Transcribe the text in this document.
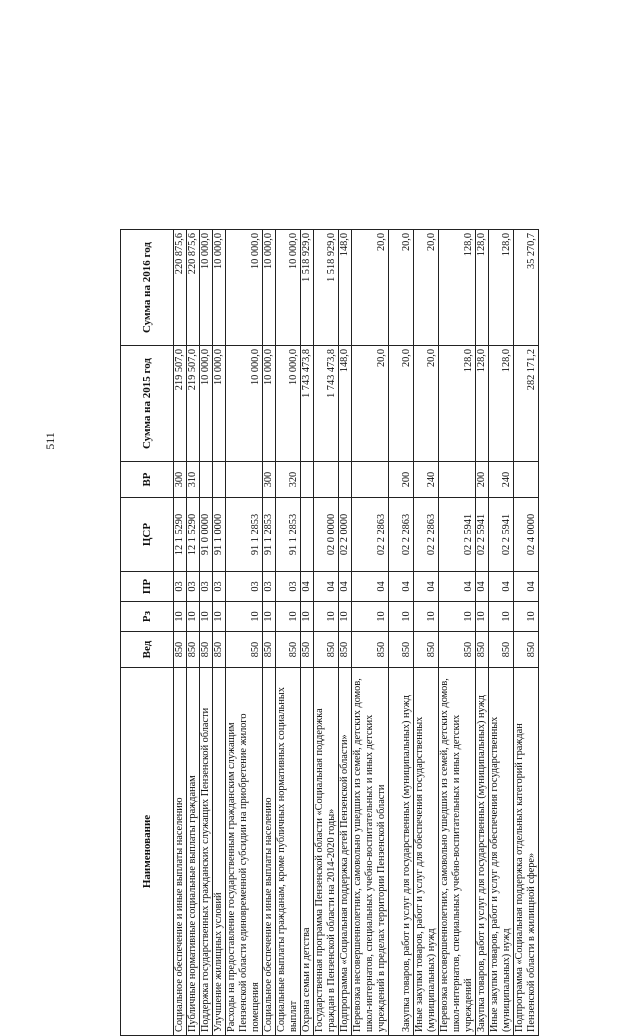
511
Наименование	Вед	Рз	ПР	ЦСР	ВР	Сумма на 2015 год	Сумма на 2016 год
Социальное обеспечение и иные выплаты населению	850	10	03	12 1 5290	300	219 507,0	220 875,6
Публичные нормативные социальные выплаты гражданам	850	10	03	12 1 5290	310	219 507,0	220 875,6
Поддержка государственных гражданских служащих Пензенской области	850	10	03	91 0 0000		10 000,0	10 000,0
Улучшение жилищных условий	850	10	03	91 1 0000		10 000,0	10 000,0
Расходы на предоставление государственным гражданским служащим Пензенской области единовременной субсидии на приобретение жилого помещения	850	10	03	91 1 2853		10 000,0	10 000,0
Социальное обеспечение и иные выплаты населению	850	10	03	91 1 2853	300	10 000,0	10 000,0
Социальные выплаты гражданам, кроме публичных нормативных социальных выплат	850	10	03	91 1 2853	320	10 000,0	10 000,0
Охрана семьи и детства	850	10	04			1 743 473,8	1 518 929,0
Государственная программа Пензенской области «Социальная поддержка граждан в Пензенской области на 2014-2020 годы»	850	10	04	02 0 0000		1 743 473,8	1 518 929,0
Подпрограмма «Социальная поддержка детей Пензенской области»	850	10	04	02 2 0000		148,0	148,0
Перевозка несовершеннолетних, самовольно ушедших из семей, детских домов, школ-интернатов, специальных учебно-воспитательных и иных детских учреждений в пределах территории Пензенской области	850	10	04	02 2 2863		20,0	20,0
Закупка товаров, работ и услуг для государственных (муниципальных) нужд	850	10	04	02 2 2863	200	20,0	20,0
Иные закупки товаров, работ и услуг для обеспечения государственных (муниципальных) нужд	850	10	04	02 2 2863	240	20,0	20,0
Перевозка несовершеннолетних, самовольно ушедших из семей, детских домов, школ-интернатов, специальных учебно-воспитательных и иных детских учреждений	850	10	04	02 2 5941		128,0	128,0
Закупка товаров, работ и услуг для государственных (муниципальных) нужд	850	10	04	02 2 5941	200	128,0	128,0
Иные закупки товаров, работ и услуг для обеспечения государственных (муниципальных) нужд	850	10	04	02 2 5941	240	128,0	128,0
Подпрограмма «Социальная поддержка отдельных категорий граждан Пензенской области в жилищной сфере»	850	10	04	02 4 0000		282 171,2	35 270,7
